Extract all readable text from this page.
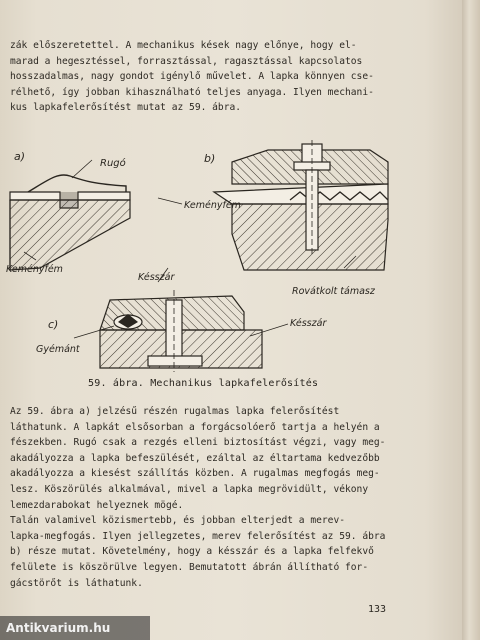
zák előszeretettel. A mechanikus kések nagy előnye, hogy el-

marad a hegesztéssel, forrasztással, ragasztással kapcsolatos

hosszadalmas, nagy gondot igénylő művelet. A lapka könnyen cse-

rélhető, így jobban kihasználható teljes anyaga. Ilyen mechani-

kus lapkafelerősítést mutat az 59. ábra.

a)	b)
c)
Rugó
Keményfém
Keményfém
Késszár
Rovátkolt támasz
Gyémánt
Késszár
59. ábra. Mechanikus lapkafelerősítés

Az 59. ábra a) jelzésű részén rugalmas lapka felerősítést

láthatunk. A lapkát elsősorban a forgácsolóerő tartja a helyén a

fészekben. Rugó csak a rezgés elleni biztosítást végzi, vagy meg-

akadályozza a lapka befeszülését, ezáltal az éltartama kedvezőbb

akadályozza a kiesést szállítás közben. A rugalmas megfogás meg-

lesz. Köszörülés alkalmával, mivel a lapka megrövidült, vékony

lemezdarabokat helyeznek mögé.

Talán valamivel közismertebb, és jobban elterjedt a merev-

lapka-megfogás. Ilyen jellegzetes, merev felerősítést az 59. ábra

b) része mutat. Követelmény, hogy a késszár és a lapka felfekvő

felülete is köszörülve legyen. Bemutatott ábrán állítható for-

gácstörőt is láthatunk.

133
Antikvarium.hu
